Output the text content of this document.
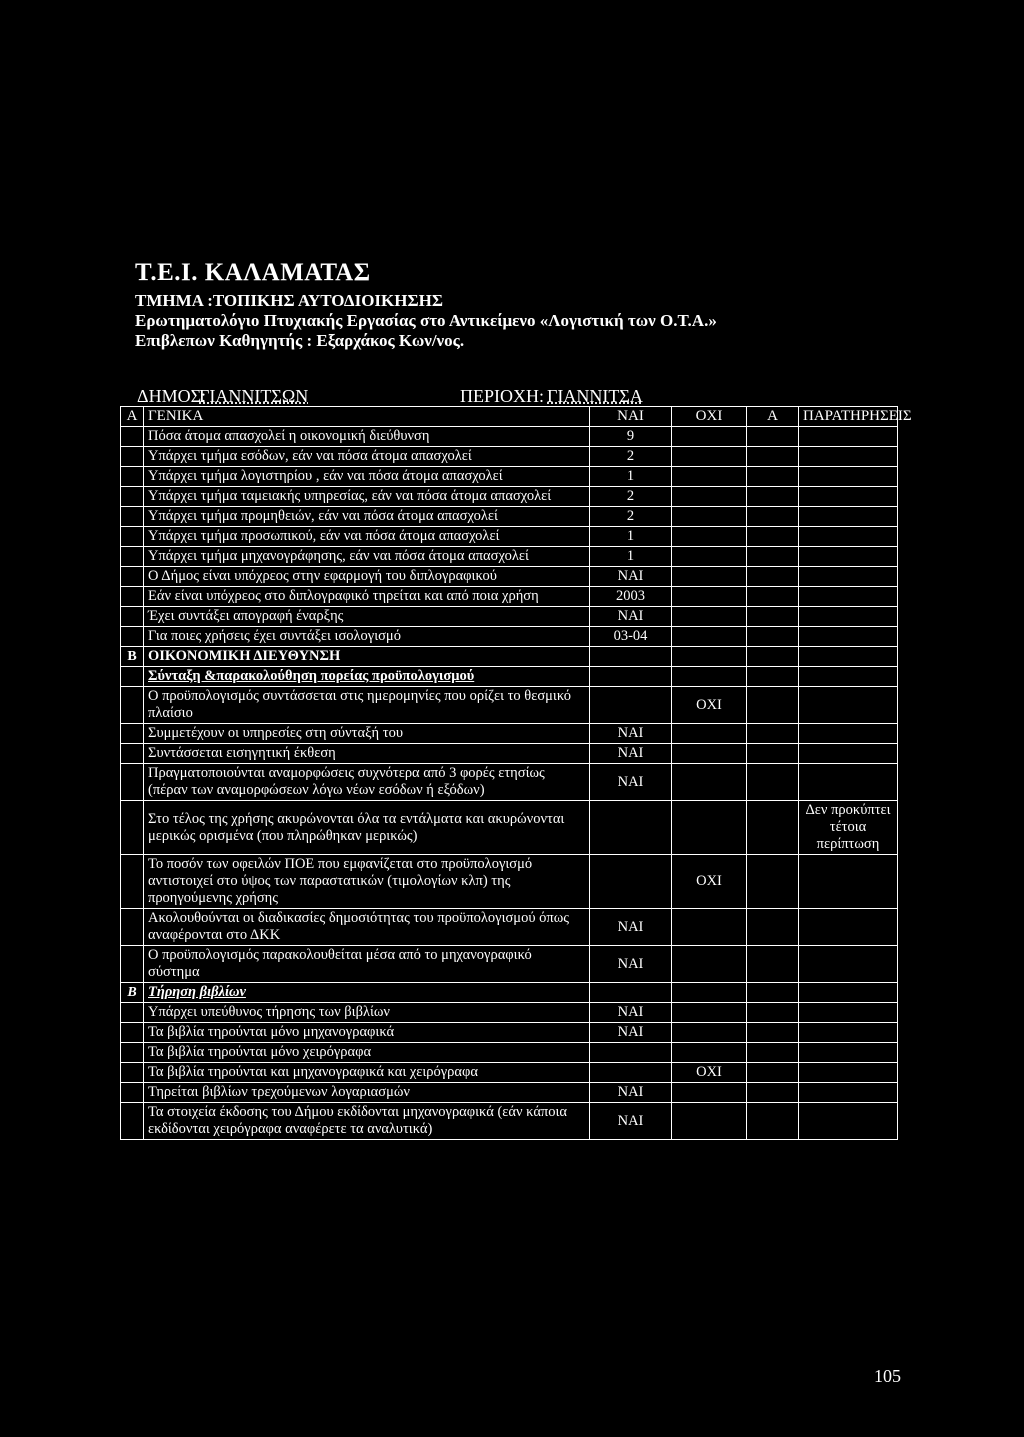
Τ.Ε.Ι. ΚΑΛΑΜΑΤΑΣ
ΤΜΗΜΑ :ΤΟΠΙΚΗΣ ΑΥΤΟΔΙΟΙΚΗΣΗΣ
Ερωτηματολόγιο Πτυχιακής Εργασίας στο Αντικείμενο «Λογιστική των Ο.Τ.Α.»
Επιβλεπων Καθηγητής : Εξαρχάκος Κων/νος.
ΔΗΜΟΣ:
ΓΙΑΝΝΙΤΣΩΝ	ΠΕΡΙΟΧΗ: ΓΙΑΝΝΙΤΣΑ
Α	ΓΕΝΙΚΑ	ΝΑΙ	ΟΧΙ	Α	ΠΑΡΑΤΗΡΗΣΕΙΣ
	Πόσα άτομα απασχολεί η οικονομική διεύθυνση	9			
	Υπάρχει τμήμα εσόδων, εάν ναι πόσα άτομα απασχολεί	2			
	Υπάρχει τμήμα λογιστηρίου , εάν ναι πόσα άτομα απασχολεί	1			
	Υπάρχει τμήμα ταμειακής υπηρεσίας, εάν ναι πόσα άτομα απασχολεί	2			
	Υπάρχει τμήμα προμηθειών, εάν ναι πόσα άτομα απασχολεί	2			
	Υπάρχει τμήμα προσωπικού, εάν ναι πόσα άτομα απασχολεί	1			
	Υπάρχει τμήμα μηχανογράφησης, εάν ναι πόσα άτομα απασχολεί	1			
	Ο Δήμος είναι υπόχρεος στην εφαρμογή του διπλογραφικού	ΝΑΙ			
	Εάν είναι υπόχρεος στο διπλογραφικό τηρείται και από ποια χρήση	2003			
	Έχει συντάξει απογραφή έναρξης	ΝΑΙ			
	Για ποιες χρήσεις έχει συντάξει ισολογισμό	03-04			
Β	ΟΙΚΟΝΟΜΙΚΗ ΔΙΕΥΘΥΝΣΗ				
	Σύνταξη &παρακολούθηση πορείας προϋπολογισμού				
	Ο προϋπολογισμός συντάσσεται στις ημερομηνίες που ορίζει το θεσμικό πλαίσιο		ΟΧΙ		
	Συμμετέχουν οι υπηρεσίες στη σύνταξή του	ΝΑΙ			
	Συντάσσεται εισηγητική έκθεση	ΝΑΙ			
	Πραγματοποιούνται αναμορφώσεις συχνότερα από 3 φορές ετησίως (πέραν των αναμορφώσεων λόγω νέων εσόδων ή εξόδων)	ΝΑΙ			
	Στο τέλος της χρήσης ακυρώνονται όλα τα εντάλματα και ακυρώνονται μερικώς ορισμένα (που πληρώθηκαν μερικώς)				Δεν προκύπτει τέτοια περίπτωση
	Το ποσόν των οφειλών ΠΟΕ που εμφανίζεται στο προϋπολογισμό αντιστοιχεί στο ύψος των παραστατικών (τιμολογίων κλπ) της προηγούμενης χρήσης		ΟΧΙ		
	Ακολουθούνται οι διαδικασίες δημοσιότητας του προϋπολογισμού όπως αναφέρονται στο ΔΚΚ	ΝΑΙ			
	Ο προϋπολογισμός παρακολουθείται μέσα από το μηχανογραφικό σύστημα	ΝΑΙ			
Β	Τήρηση βιβλίων				
	Υπάρχει υπεύθυνος τήρησης των βιβλίων	ΝΑΙ			
	Τα βιβλία τηρούνται μόνο μηχανογραφικά	ΝΑΙ			
	Τα βιβλία τηρούνται μόνο χειρόγραφα				
	Τα βιβλία τηρούνται και μηχανογραφικά και χειρόγραφα		ΟΧΙ		
	Τηρείται βιβλίων τρεχούμενων λογαριασμών	ΝΑΙ			
	Τα στοιχεία έκδοσης του Δήμου εκδίδονται μηχανογραφικά (εάν κάποια εκδίδονται χειρόγραφα αναφέρετε τα αναλυτικά)	ΝΑΙ			
105
